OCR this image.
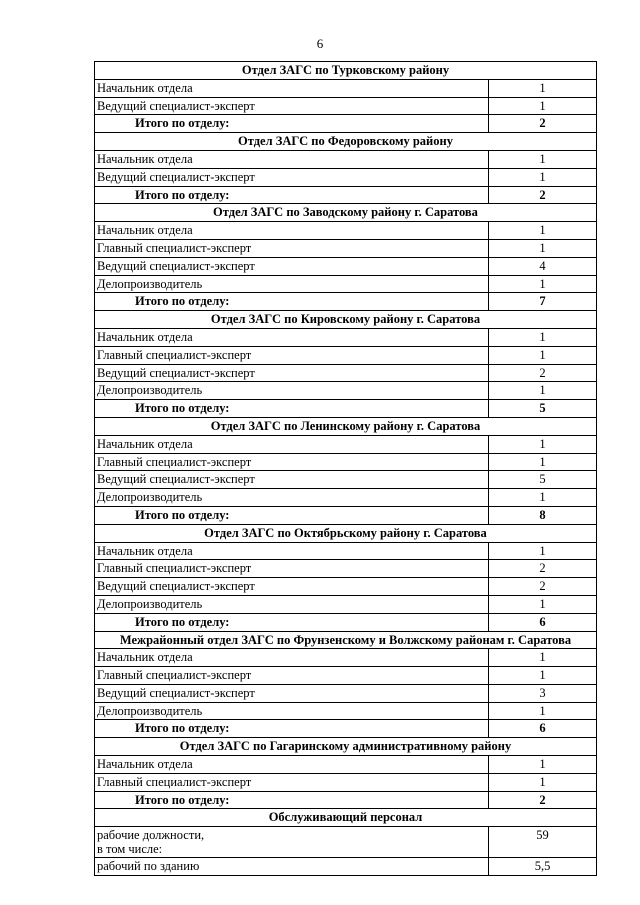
6
Отдел ЗАГС по Турковскому району	
Начальник отдела	1
Ведущий специалист-эксперт	1
Итого по отделу:	2
Отдел ЗАГС по Федоровскому району	
Начальник отдела	1
Ведущий специалист-эксперт	1
Итого по отделу:	2
Отдел ЗАГС по Заводскому району г. Саратова	
Начальник отдела	1
Главный специалист-эксперт	1
Ведущий специалист-эксперт	4
Делопроизводитель	1
Итого по отделу:	7
Отдел ЗАГС по Кировскому району г. Саратова	
Начальник отдела	1
Главный специалист-эксперт	1
Ведущий специалист-эксперт	2
Делопроизводитель	1
Итого по отделу:	5
Отдел ЗАГС по Ленинскому району г. Саратова	
Начальник отдела	1
Главный специалист-эксперт	1
Ведущий специалист-эксперт	5
Делопроизводитель	1
Итого по отделу:	8
Отдел ЗАГС по Октябрьскому району г. Саратова	
Начальник отдела	1
Главный специалист-эксперт	2
Ведущий специалист-эксперт	2
Делопроизводитель	1
Итого по отделу:	6
Межрайонный отдел ЗАГС по Фрунзенскому и Волжскому районам г. Саратова	
Начальник отдела	1
Главный специалист-эксперт	1
Ведущий специалист-эксперт	3
Делопроизводитель	1
Итого по отделу:	6
Отдел ЗАГС по Гагаринскому административному району	
Начальник отдела	1
Главный специалист-эксперт	1
Итого по отделу:	2
Обслуживающий персонал	

рабочие должности,
в том числе:	59
рабочий по зданию	5,5
